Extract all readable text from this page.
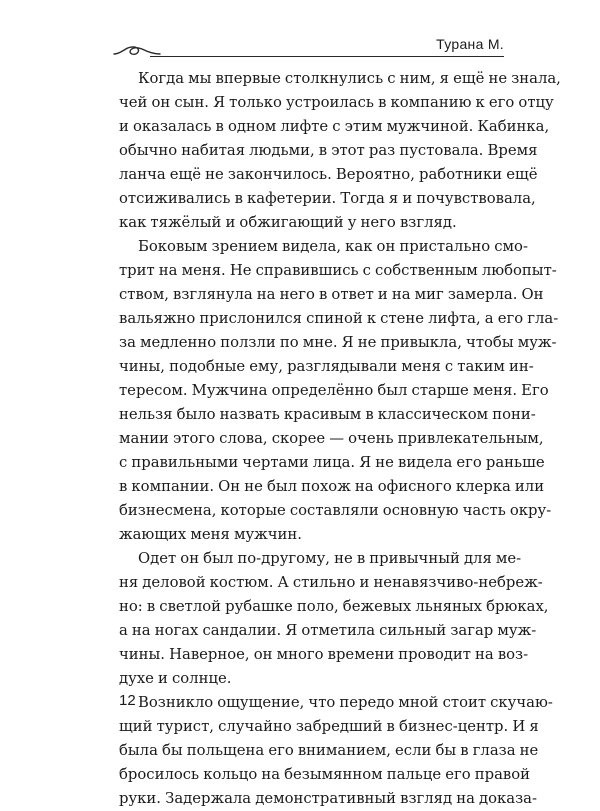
Турана М.
Когда мы впервые столкнулись с ним, я ещё не знала,
чей он сын. Я только устроилась в компанию к его отцу
и оказалась в одном лифте с этим мужчиной. Кабинка,
обычно набитая людьми, в этот раз пустовала. Время
ланча ещё не закончилось. Вероятно, работники ещё
отсиживались в кафетерии. Тогда я и почувствовала,
как тяжёлый и обжигающий у него взгляд.
Боковым зрением видела, как он пристально смо-
трит на меня. Не справившись с собственным любопыт-
ством, взглянула на него в ответ и на миг замерла. Он
вальяжно прислонился спиной к стене лифта, а его гла-
за медленно ползли по мне. Я не привыкла, чтобы муж-
чины, подобные ему, разглядывали меня с таким ин-
тересом. Мужчина определённо был старше меня. Его
нельзя было назвать красивым в классическом пони-
мании этого слова, скорее — очень привлекательным,
с правильными чертами лица. Я не видела его раньше
в компании. Он не был похож на офисного клерка или
бизнесмена, которые составляли основную часть окру-
жающих меня мужчин.
Одет он был по-другому, не в привычный для ме-
ня деловой костюм. А стильно и ненавязчиво-небреж-
но: в светлой рубашке поло, бежевых льняных брюках,
а на ногах сандалии. Я отметила сильный загар муж-
чины. Наверное, он много времени проводит на воз-
духе и солнце.
Возникло ощущение, что передо мной стоит скучаю-
щий турист, случайно забредший в бизнес-центр. И я
была бы польщена его вниманием, если бы в глаза не
бросилось кольцо на безымянном пальце его правой
руки. Задержала демонстративный взгляд на доказа-
12
